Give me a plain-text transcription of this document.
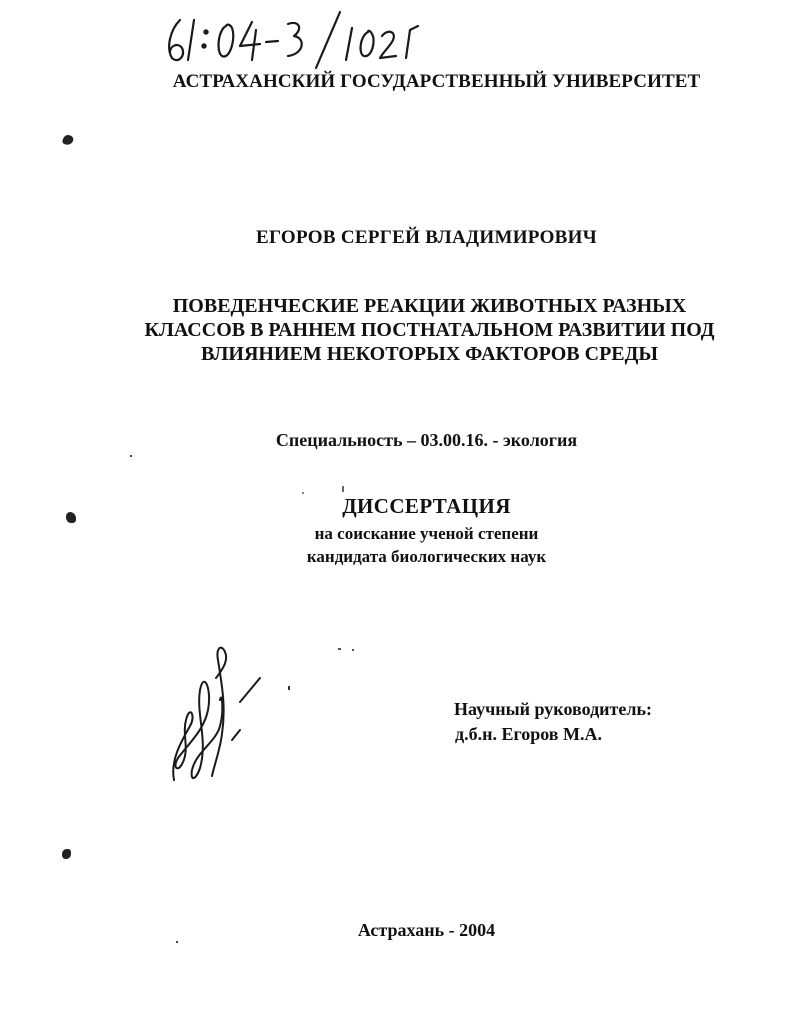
АСТРАХАНСКИЙ ГОСУДАРСТВЕННЫЙ УНИВЕРСИТЕТ
ЕГОРОВ СЕРГЕЙ ВЛАДИМИРОВИЧ
ПОВЕДЕНЧЕСКИЕ РЕАКЦИИ ЖИВОТНЫХ РАЗНЫХ
КЛАССОВ В РАННЕМ ПОСТНАТАЛЬНОМ РАЗВИТИИ ПОД
ВЛИЯНИЕМ НЕКОТОРЫХ ФАКТОРОВ СРЕДЫ
Специальность – 03.00.16. - экология
ДИССЕРТАЦИЯ
на соискание ученой степени
кандидата биологических наук
Научный руководитель:
д.б.н. Егоров М.А.
Астрахань - 2004
